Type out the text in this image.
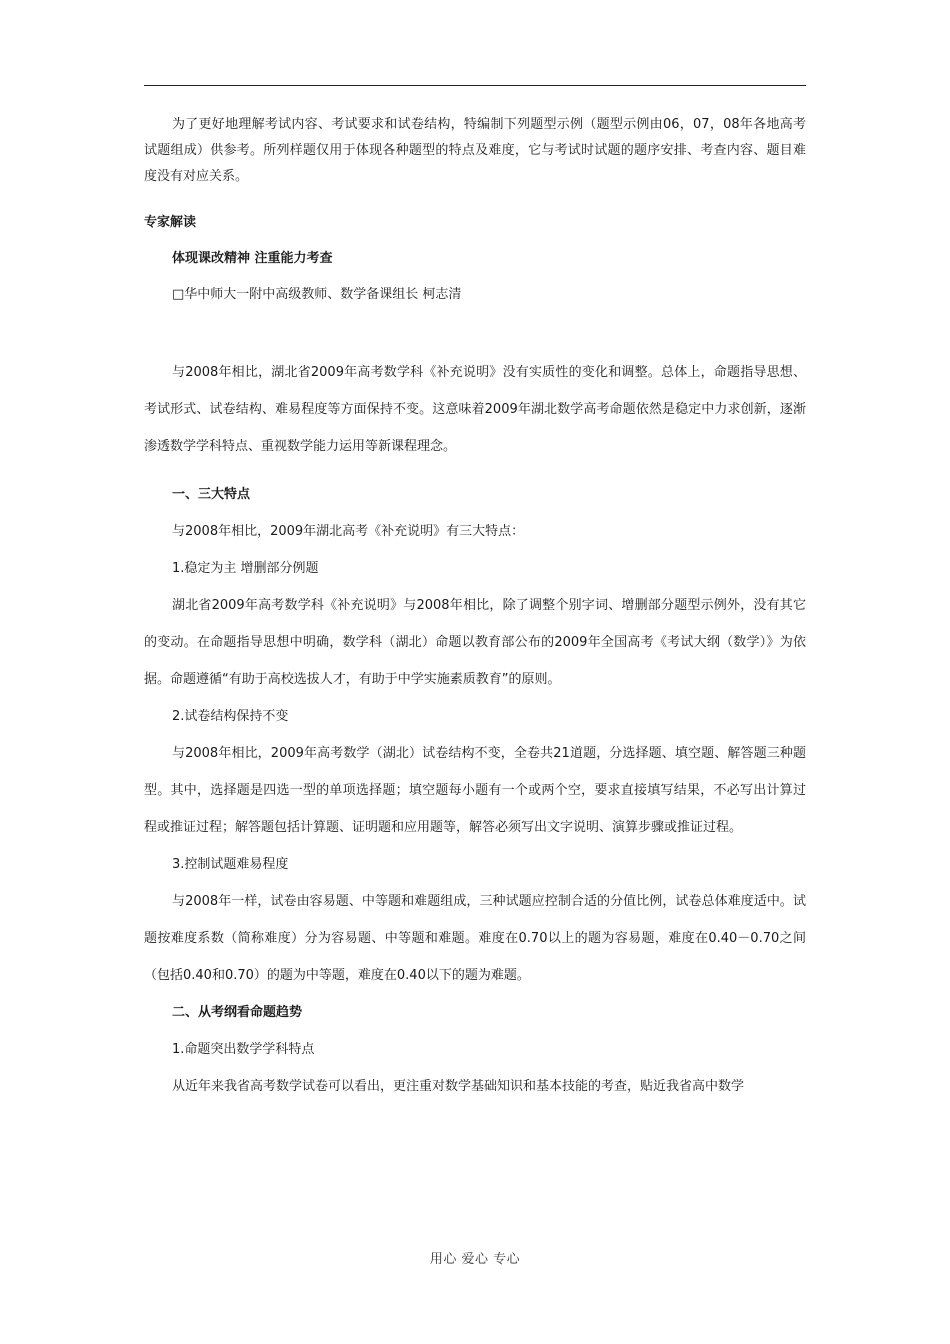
为了更好地理解考试内容、考试要求和试卷结构，特编制下列题型示例（题型示例由06，07，08年各地高考试题组成）供参考。所列样题仅用于体现各种题型的特点及难度，它与考试时试题的题序安排、考查内容、题目难度没有对应关系。

专家解读

体现课改精神 注重能力考查

□华中师大一附中高级教师、数学备课组长 柯志清

与2008年相比，湖北省2009年高考数学科《补充说明》没有实质性的变化和调整。总体上，命题指导思想、考试形式、试卷结构、难易程度等方面保持不变。这意味着2009年湖北数学高考命题依然是稳定中力求创新，逐渐渗透数学学科特点、重视数学能力运用等新课程理念。

一、三大特点

与2008年相比，2009年湖北高考《补充说明》有三大特点：

1.稳定为主 增删部分例题

湖北省2009年高考数学科《补充说明》与2008年相比，除了调整个别字词、增删部分题型示例外，没有其它的变动。在命题指导思想中明确，数学科（湖北）命题以教育部公布的2009年全国高考《考试大纲（数学）》为依据。命题遵循“有助于高校选拔人才，有助于中学实施素质教育”的原则。

2.试卷结构保持不变

与2008年相比，2009年高考数学（湖北）试卷结构不变，全卷共21道题，分选择题、填空题、解答题三种题型。其中，选择题是四选一型的单项选择题；填空题每小题有一个或两个空，要求直接填写结果，不必写出计算过程或推证过程；解答题包括计算题、证明题和应用题等，解答必须写出文字说明、演算步骤或推证过程。

3.控制试题难易程度

与2008年一样，试卷由容易题、中等题和难题组成，三种试题应控制合适的分值比例，试卷总体难度适中。试题按难度系数（简称难度）分为容易题、中等题和难题。难度在0.70以上的题为容易题，难度在0.40－0.70之间（包括0.40和0.70）的题为中等题，难度在0.40以下的题为难题。

二、从考纲看命题趋势

1.命题突出数学学科特点

从近年来我省高考数学试卷可以看出，更注重对数学基础知识和基本技能的考查，贴近我省高中数学

用心 爱心 专心
